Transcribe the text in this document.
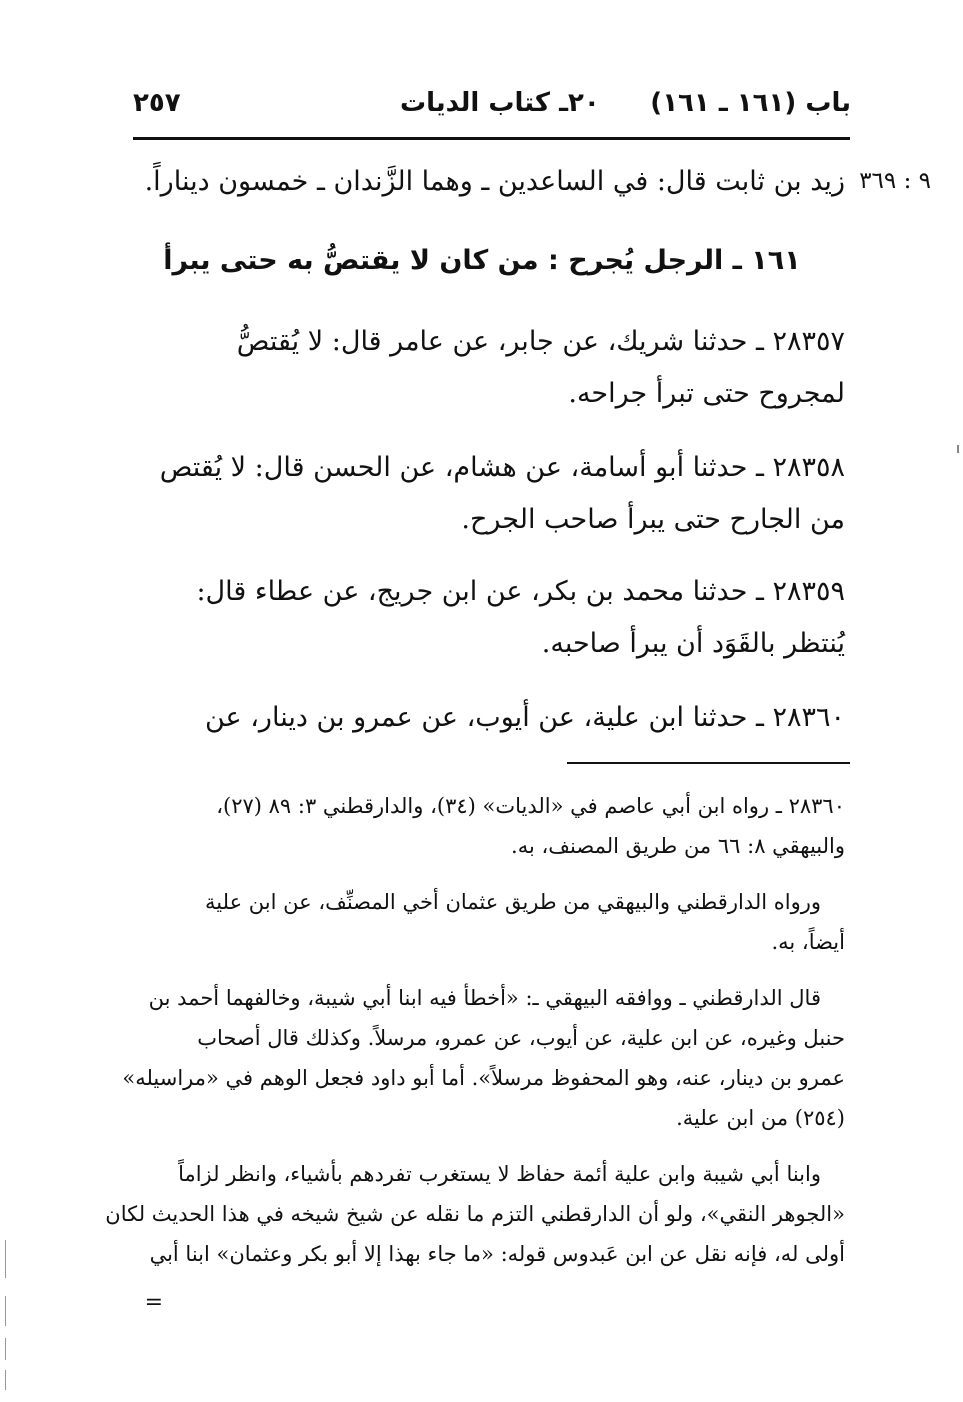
باب (١٦١ ـ ١٦١)
٢٠ـ كتاب الديات
٢٥٧
٩ : ٣٦٩
زيد بن ثابت قال: في الساعدين ـ وهما الزَّندان ـ خمسون ديناراً.
١٦١ ـ الرجل يُجرح : من كان لا يقتصُّ به حتى يبرأ
٢٨٣٥٧ ـ حدثنا شريك، عن جابر، عن عامر قال: لا يُقتصُّ
لمجروح حتى تبرأ جراحه.
٢٨٣٥٨ ـ حدثنا أبو أسامة، عن هشام، عن الحسن قال: لا يُقتص
من الجارح حتى يبرأ صاحب الجرح.
٢٨٣٥٩ ـ حدثنا محمد بن بكر، عن ابن جريج، عن عطاء قال:
يُنتظر بالقَوَد أن يبرأ صاحبه.
٢٨٣٦٠ ـ حدثنا ابن علية، عن أيوب، عن عمرو بن دينار، عن
٢٨٣٦٠ ـ رواه ابن أبي عاصم في «الديات» (٣٤)، والدارقطني ٣: ٨٩ (٢٧)،
والبيهقي ٨: ٦٦ من طريق المصنف، به.
ورواه الدارقطني والبيهقي من طريق عثمان أخي المصنِّف، عن ابن علية
أيضاً، به.
قال الدارقطني ـ ووافقه البيهقي ـ: «أخطأ فيه ابنا أبي شيبة، وخالفهما أحمد بن
حنبل وغيره، عن ابن علية، عن أيوب، عن عمرو، مرسلاً. وكذلك قال أصحاب
عمرو بن دينار، عنه، وهو المحفوظ مرسلاً». أما أبو داود فجعل الوهم في «مراسيله»
(٢٥٤) من ابن علية.
وابنا أبي شيبة وابن علية أئمة حفاظ لا يستغرب تفردهم بأشياء، وانظر لزاماً
«الجوهر النقي»، ولو أن الدارقطني التزم ما نقله عن شيخ شيخه في هذا الحديث لكان
أولى له، فإنه نقل عن ابن عَبدوس قوله: «ما جاء بهذا إلا أبو بكر وعثمان» ابنا أبي
=
